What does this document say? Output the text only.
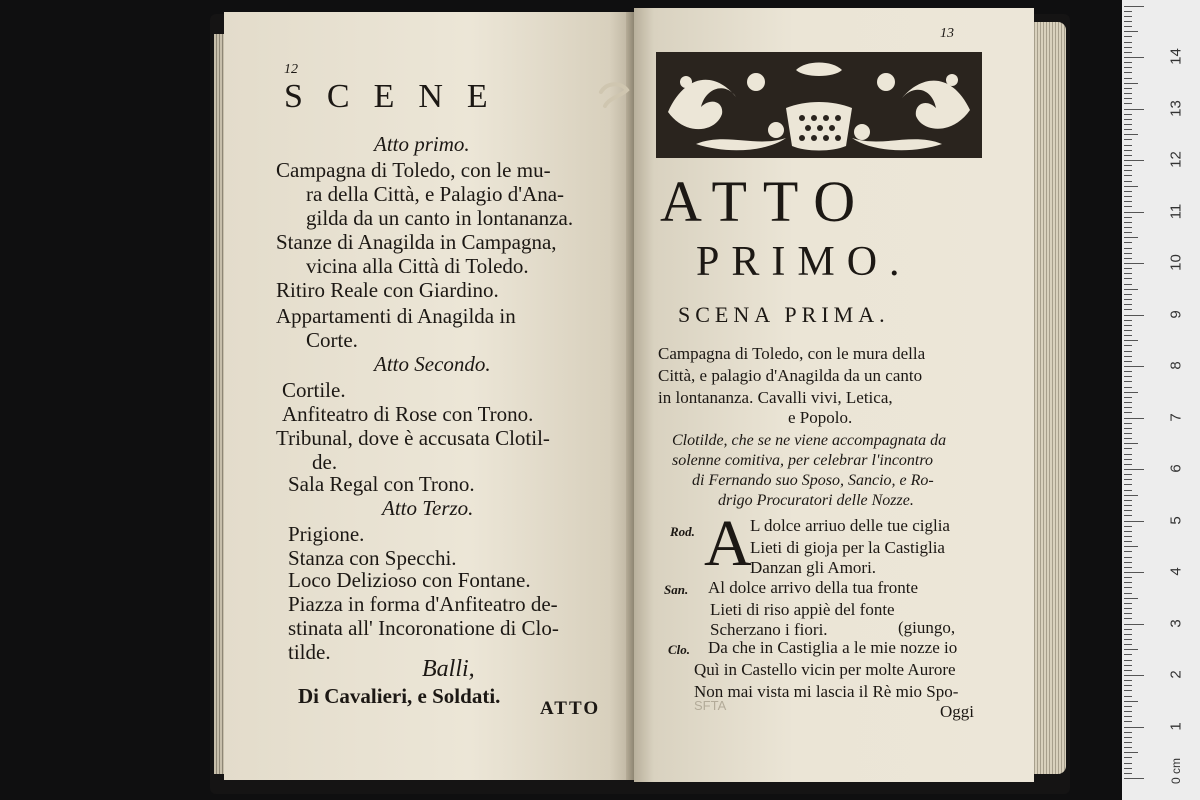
12
SCENE
Atto primo.
Campagna di Toledo, con le mu-
ra della Città, e Palagio d'Ana-
gilda da un canto in lontananza.
Stanze di Anagilda in Campagna,
vicina alla Città di Toledo.
Ritiro Reale con Giardino.
Appartamenti di Anagilda in
Corte.
Atto Secondo.
Cortile.
Anfiteatro di Rose con Trono.
Tribunal, dove è accusata Clotil-
de.
Sala Regal con Trono.
Atto Terzo.
Prigione.
Stanza con Specchi.
Loco Delizioso con Fontane.
Piazza in forma d'Anfiteatro de-
stinata all' Incoronatione di Clo-
tilde.
Balli,
Di Cavalieri, e Soldati.
ATTO
13
ATTO
PRIMO.
SCENA PRIMA.
Campagna di Toledo, con le mura della
Città, e palagio d'Anagilda da un canto
in lontananza. Cavalli vivi, Letica,
e Popolo.
Clotilde, che se ne viene accompagnata da
solenne comitiva, per celebrar l'incontro
di Fernando suo Sposo, Sancio, e Ro-
drigo Procuratori delle Nozze.
Rod. A
L dolce arriuo delle tue ciglia
Lieti di gioja per la Castiglia
Danzan gli Amori.
San. Al dolce arrivo della tua fronte
Lieti di riso appiè del fonte
Scherzano i fiori.	(giungo,
Clo. Da che in Castiglia a le mie nozze io
Quì in Castello vicin per molte Aurore
Non mai vista mi lascia il Rè mio Spo-
Oggi
SFTA
0 cm
1
2
3
4
5
6
7
8
9
10
11
12
13
14
